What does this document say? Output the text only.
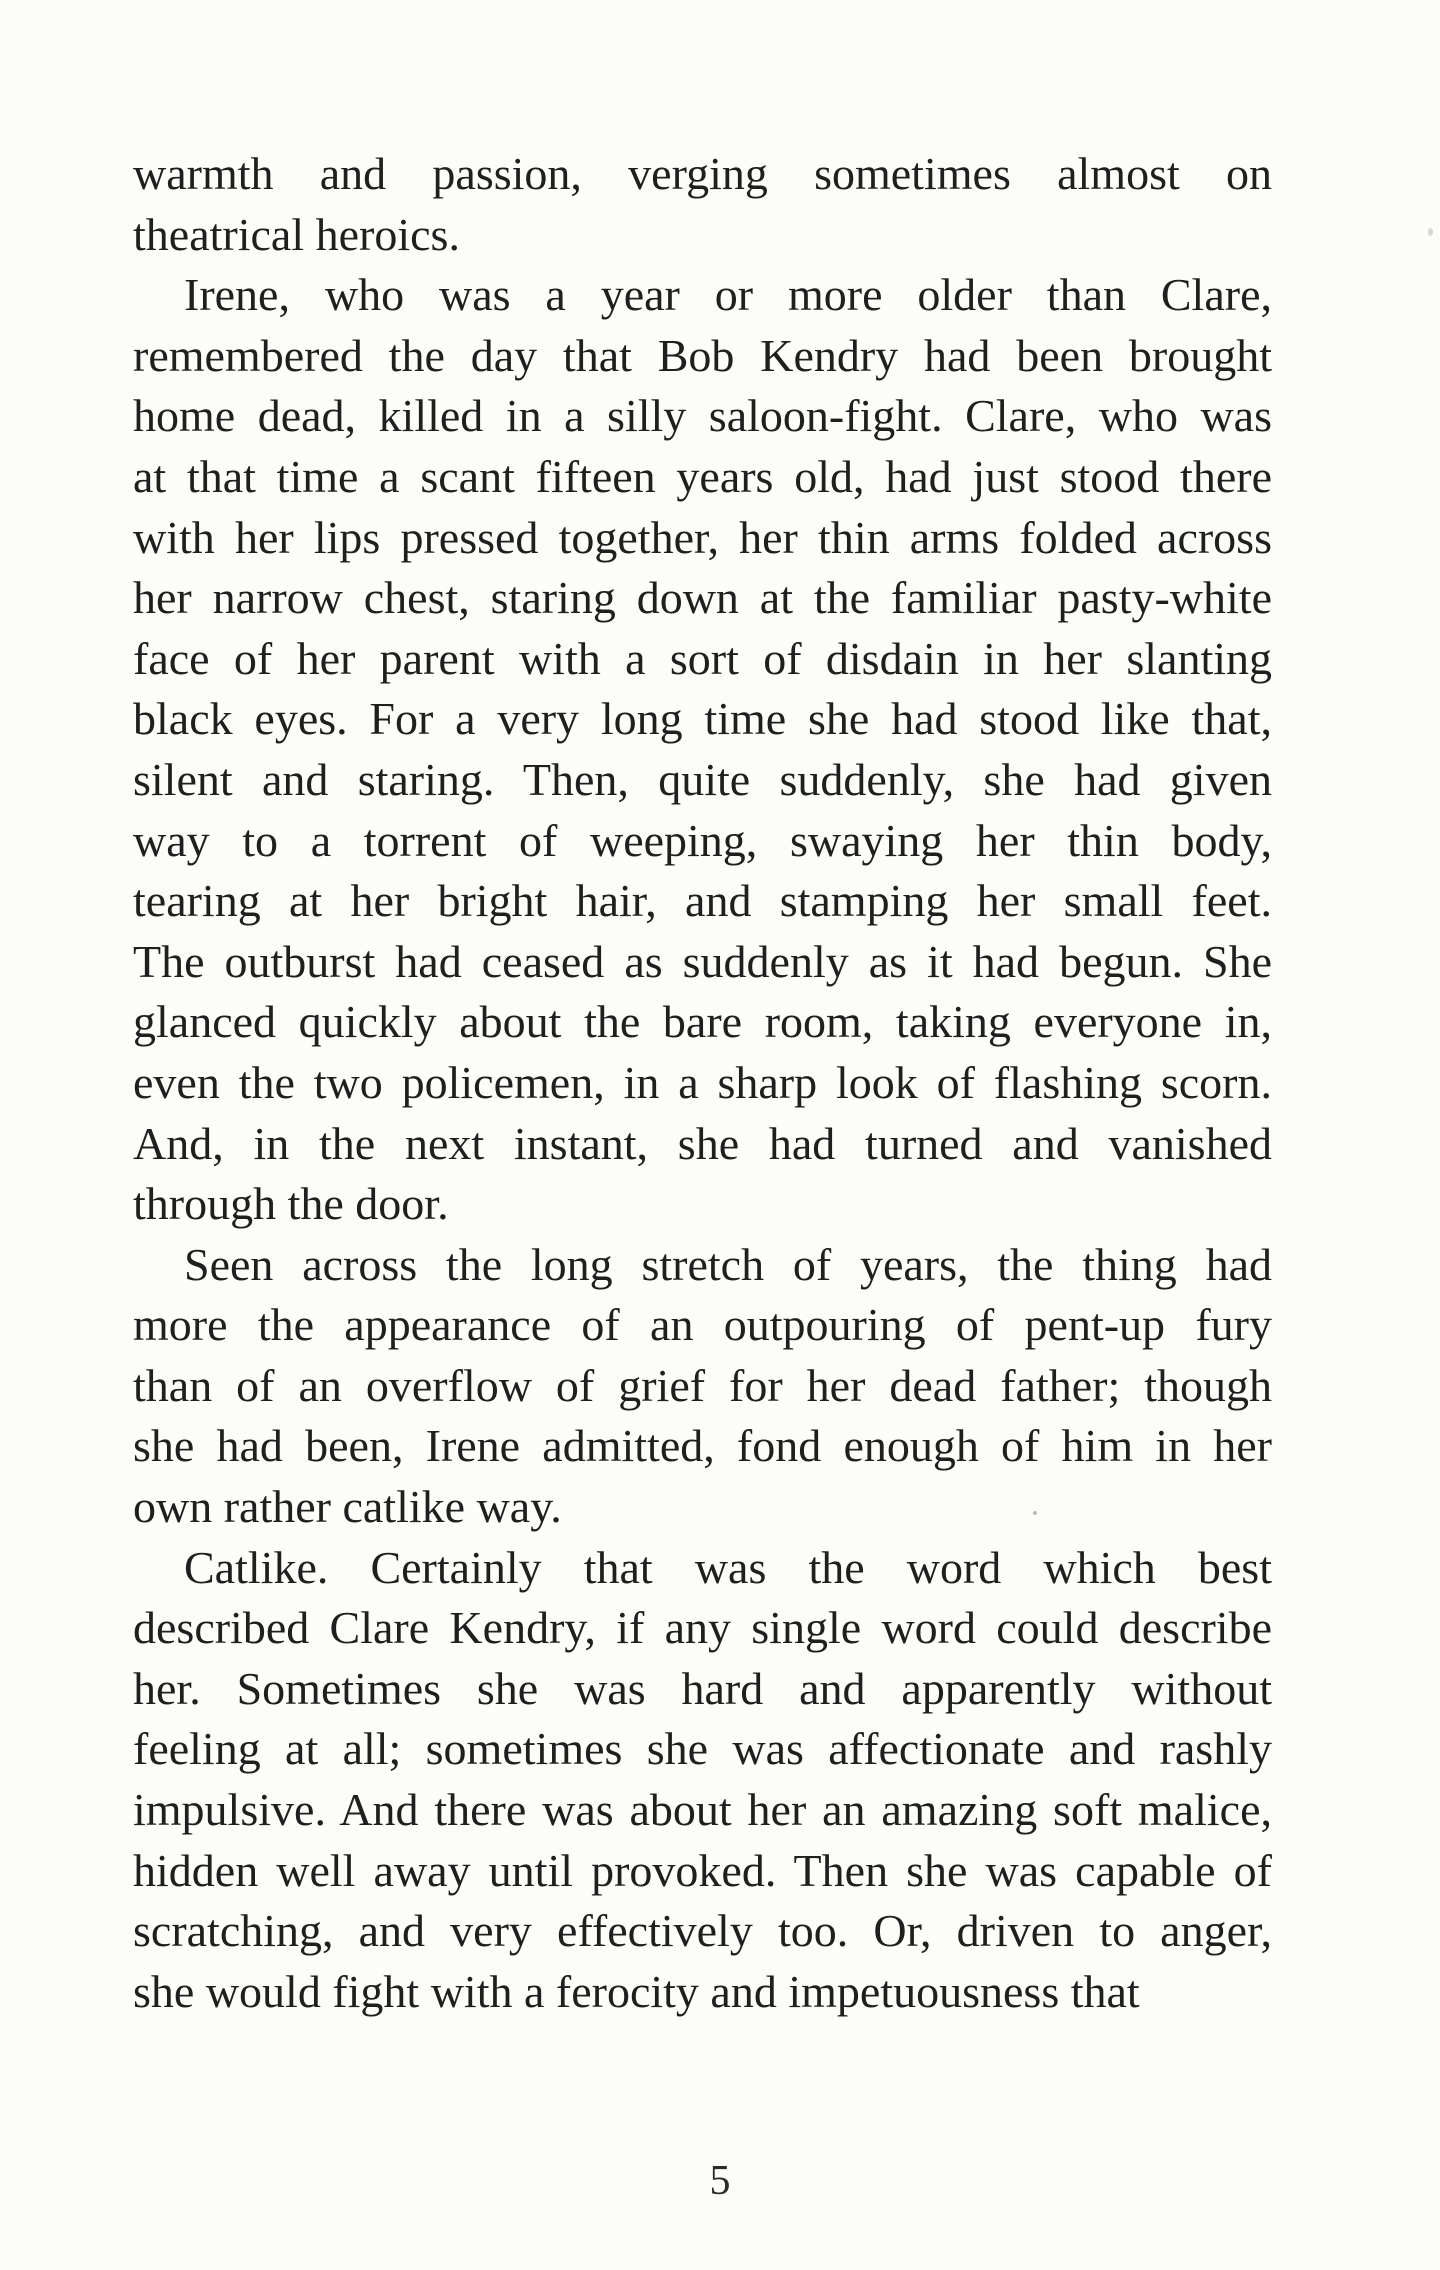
warmth and passion, verging sometimes almost on
theatrical heroics.
Irene, who was a year or more older than Clare,
remembered the day that Bob Kendry had been brought
home dead, killed in a silly saloon-fight. Clare, who was
at that time a scant fifteen years old, had just stood there
with her lips pressed together, her thin arms folded across
her narrow chest, staring down at the familiar pasty-white
face of her parent with a sort of disdain in her slanting
black eyes. For a very long time she had stood like that,
silent and staring. Then, quite suddenly, she had given
way to a torrent of weeping, swaying her thin body,
tearing at her bright hair, and stamping her small feet.
The outburst had ceased as suddenly as it had begun. She
glanced quickly about the bare room, taking everyone in,
even the two policemen, in a sharp look of flashing scorn.
And, in the next instant, she had turned and vanished
through the door.
Seen across the long stretch of years, the thing had
more the appearance of an outpouring of pent-up fury
than of an overflow of grief for her dead father; though
she had been, Irene admitted, fond enough of him in her
own rather catlike way.
Catlike. Certainly that was the word which best
described Clare Kendry, if any single word could describe
her. Sometimes she was hard and apparently without
feeling at all; sometimes she was affectionate and rashly
impulsive. And there was about her an amazing soft malice,
hidden well away until provoked. Then she was capable of
scratching, and very effectively too. Or, driven to anger,
she would fight with a ferocity and impetuousness that
5
